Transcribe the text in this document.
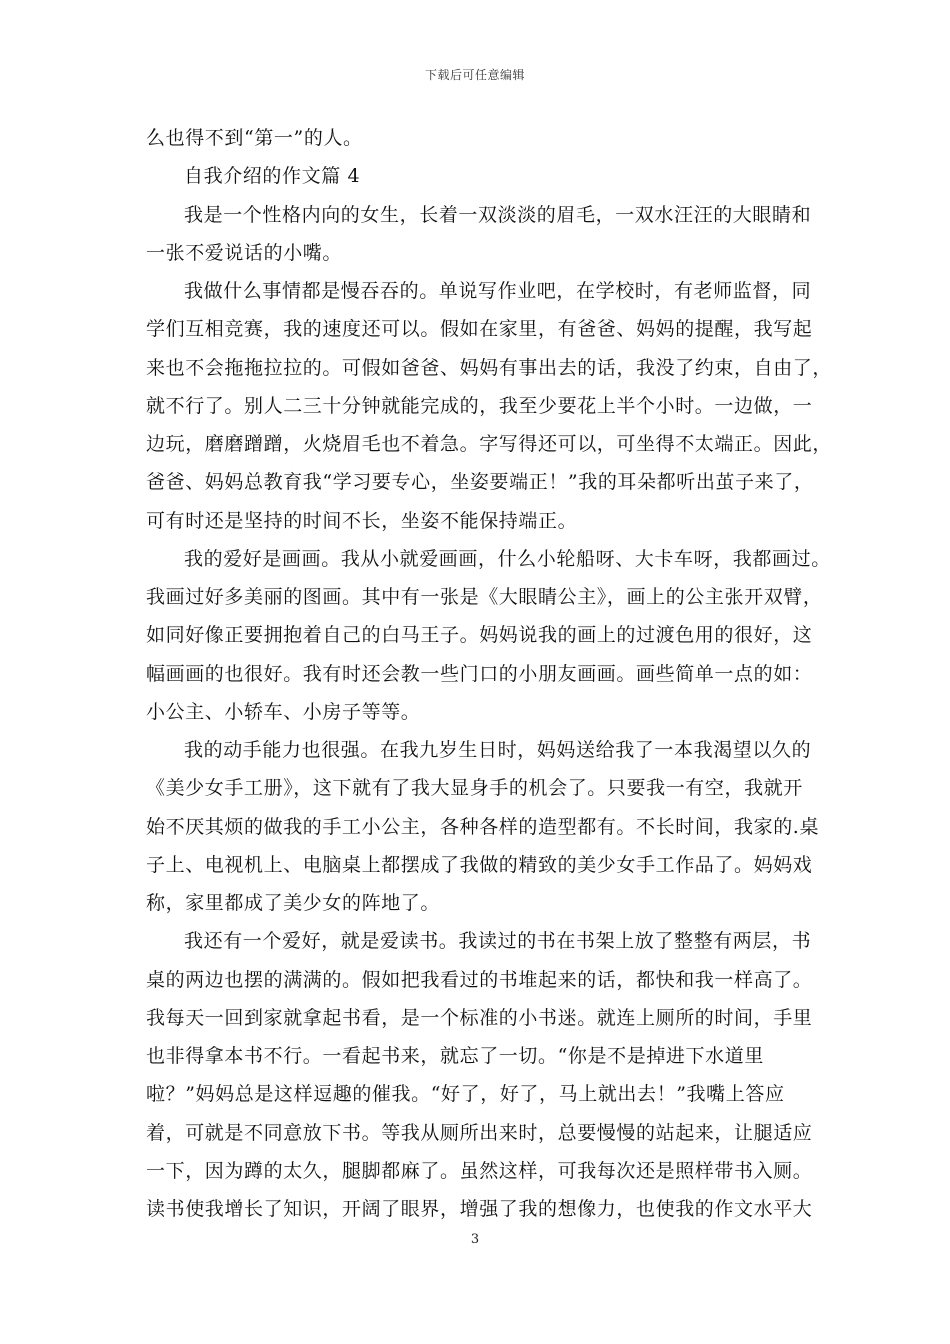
下载后可任意编辑
么也得不到“第一”的人。
自我介绍的作文篇 4
我是一个性格内向的女生，长着一双淡淡的眉毛，一双水汪汪的大眼睛和
一张不爱说话的小嘴。
我做什么事情都是慢吞吞的。单说写作业吧，在学校时，有老师监督，同
学们互相竞赛，我的速度还可以。假如在家里，有爸爸、妈妈的提醒，我写起
来也不会拖拖拉拉的。可假如爸爸、妈妈有事出去的话，我没了约束，自由了，
就不行了。别人二三十分钟就能完成的，我至少要花上半个小时。一边做，一
边玩，磨磨蹭蹭，火烧眉毛也不着急。字写得还可以，可坐得不太端正。因此，
爸爸、妈妈总教育我“学习要专心，坐姿要端正！”我的耳朵都听出茧子来了，
可有时还是坚持的时间不长，坐姿不能保持端正。
我的爱好是画画。我从小就爱画画，什么小轮船呀、大卡车呀，我都画过。
我画过好多美丽的图画。其中有一张是《大眼睛公主》，画上的公主张开双臂，
如同好像正要拥抱着自己的白马王子。妈妈说我的画上的过渡色用的很好，这
幅画画的也很好。我有时还会教一些门口的小朋友画画。画些简单一点的如：
小公主、小轿车、小房子等等。
我的动手能力也很强。在我九岁生日时，妈妈送给我了一本我渴望以久的
《美少女手工册》，这下就有了我大显身手的机会了。只要我一有空，我就开
始不厌其烦的做我的手工小公主，各种各样的造型都有。不长时间，我家的.桌
子上、电视机上、电脑桌上都摆成了我做的精致的美少女手工作品了。妈妈戏
称，家里都成了美少女的阵地了。
我还有一个爱好，就是爱读书。我读过的书在书架上放了整整有两层，书
桌的两边也摆的满满的。假如把我看过的书堆起来的话，都快和我一样高了。
我每天一回到家就拿起书看，是一个标准的小书迷。就连上厕所的时间，手里
也非得拿本书不行。一看起书来，就忘了一切。“你是不是掉进下水道里
啦？”妈妈总是这样逗趣的催我。“好了，好了，马上就出去！”我嘴上答应
着，可就是不同意放下书。等我从厕所出来时，总要慢慢的站起来，让腿适应
一下，因为蹲的太久，腿脚都麻了。虽然这样，可我每次还是照样带书入厕。
读书使我增长了知识，开阔了眼界，增强了我的想像力，也使我的作文水平大
3
